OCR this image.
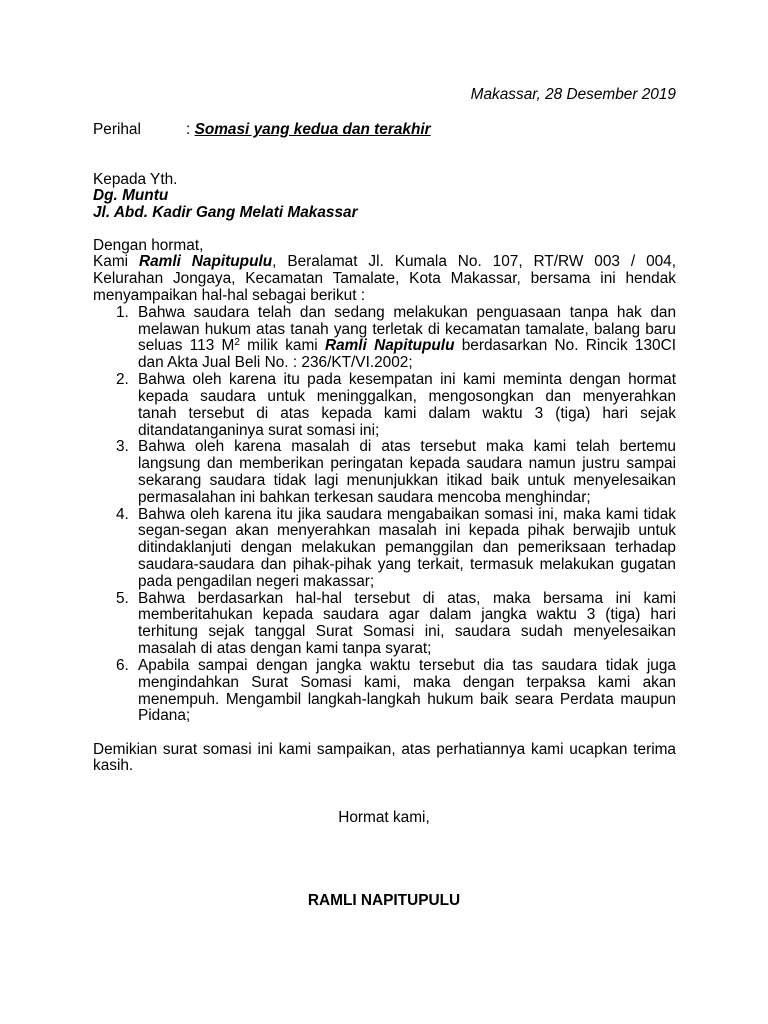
Makassar, 28 Desember 2019
Perihal	: Somasi yang kedua dan terakhir
Kepada Yth.
Dg. Muntu
Jl. Abd. Kadir Gang Melati Makassar
Dengan hormat,
Kami Ramli Napitupulu, Beralamat Jl. Kumala No. 107, RT/RW 003 / 004,
Kelurahan Jongaya, Kecamatan Tamalate, Kota Makassar, bersama ini hendak
menyampaikan hal-hal sebagai berikut :
1. Bahwa saudara telah dan sedang melakukan penguasaan tanpa hak dan
melawan hukum atas tanah yang terletak di kecamatan tamalate, balang baru
seluas 113 $M^2$ milik kami Ramli Napitupulu berdasarkan No. Rincik 130CI
dan Akta Jual Beli No. : 236/KT/VI.2002;
2. Bahwa oleh karena itu pada kesempatan ini kami meminta dengan hormat
kepada saudara untuk meninggalkan, mengosongkan dan menyerahkan
tanah tersebut di atas kepada kami dalam waktu 3 (tiga) hari sejak
ditandatanganinya surat somasi ini;
3. Bahwa oleh karena masalah di atas tersebut maka kami telah bertemu
langsung dan memberikan peringatan kepada saudara namun justru sampai
sekarang saudara tidak lagi menunjukkan itikad baik untuk menyelesaikan
permasalahan ini bahkan terkesan saudara mencoba menghindar;
4. Bahwa oleh karena itu jika saudara mengabaikan somasi ini, maka kami tidak
segan-segan akan menyerahkan masalah ini kepada pihak berwajib untuk
ditindaklanjuti dengan melakukan pemanggilan dan pemeriksaan terhadap
saudara-saudara dan pihak-pihak yang terkait, termasuk melakukan gugatan
pada pengadilan negeri makassar;
5. Bahwa berdasarkan hal-hal tersebut di atas, maka bersama ini kami
memberitahukan kepada saudara agar dalam jangka waktu 3 (tiga) hari
terhitung sejak tanggal Surat Somasi ini, saudara sudah menyelesaikan
masalah di atas dengan kami tanpa syarat;
6. Apabila sampai dengan jangka waktu tersebut dia tas saudara tidak juga
mengindahkan Surat Somasi kami, maka dengan terpaksa kami akan
menempuh. Mengambil langkah-langkah hukum baik seara Perdata maupun
Pidana;
Demikian surat somasi ini kami sampaikan, atas perhatiannya kami ucapkan terima
kasih.
Hormat kami,
RAMLI NAPITUPULU
